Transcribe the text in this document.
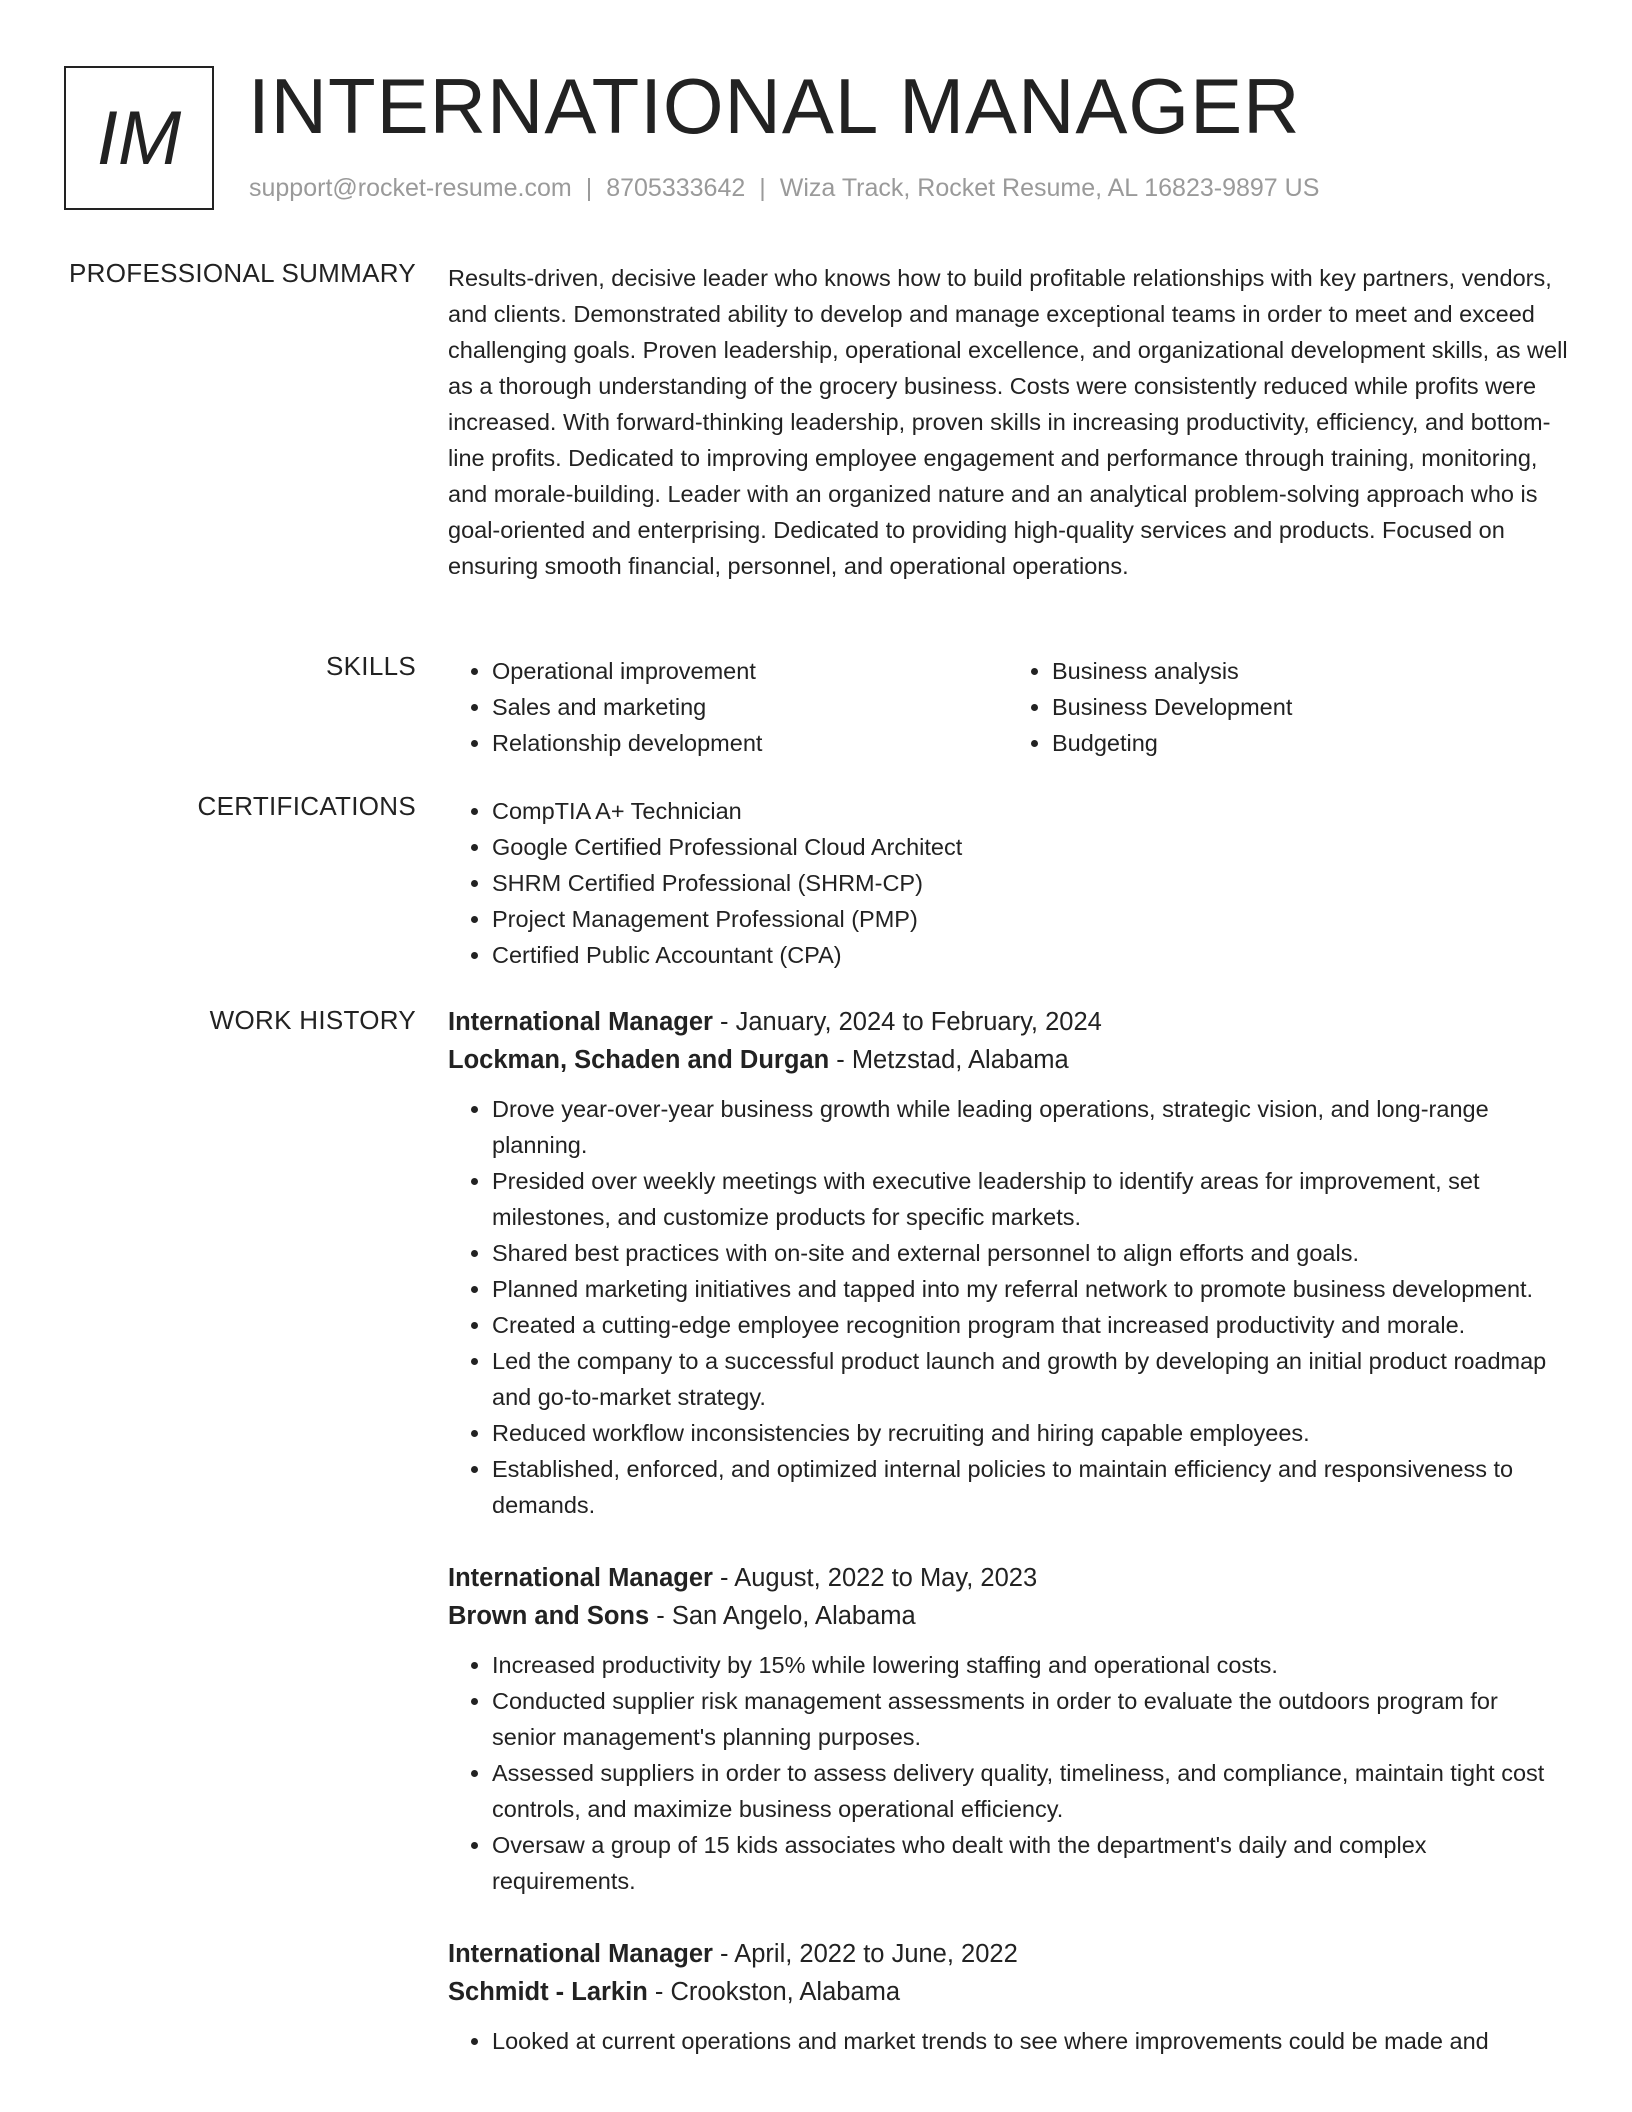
IM INTERNATIONAL MANAGER
support@rocket-resume.com | 8705333642 | Wiza Track, Rocket Resume, AL 16823-9897 US
PROFESSIONAL SUMMARY Results-driven, decisive leader who knows how to build profitable relationships with key partners, vendors, and clients. Demonstrated ability to develop and manage exceptional teams in order to meet and exceed challenging goals. Proven leadership, operational excellence, and organizational development skills, as well as a thorough understanding of the grocery business. Costs were consistently reduced while profits were increased. With forward-thinking leadership, proven skills in increasing productivity, efficiency, and bottom-line profits. Dedicated to improving employee engagement and performance through training, monitoring, and morale-building. Leader with an organized nature and an analytical problem-solving approach who is goal-oriented and enterprising. Dedicated to providing high-quality services and products. Focused on ensuring smooth financial, personnel, and operational operations.
SKILLS	• Operational improvement
• Sales and marketing
• Relationship development
• Business analysis
• Business Development
• Budgeting
CERTIFICATIONS	• CompTIA A+ Technician
• Google Certified Professional Cloud Architect
• SHRM Certified Professional (SHRM-CP)
• Project Management Professional (PMP)
• Certified Public Accountant (CPA)
WORK HISTORY International Manager - January, 2024 to February, 2024
Lockman, Schaden and Durgan - Metzstad, Alabama
• Drove year-over-year business growth while leading operations, strategic vision, and long-range planning.
• Presided over weekly meetings with executive leadership to identify areas for improvement, set milestones, and customize products for specific markets.
• Shared best practices with on-site and external personnel to align efforts and goals.
• Planned marketing initiatives and tapped into my referral network to promote business development.
• Created a cutting-edge employee recognition program that increased productivity and morale.
• Led the company to a successful product launch and growth by developing an initial product roadmap and go-to-market strategy.
• Reduced workflow inconsistencies by recruiting and hiring capable employees.
• Established, enforced, and optimized internal policies to maintain efficiency and responsiveness to demands.
International Manager - August, 2022 to May, 2023
Brown and Sons - San Angelo, Alabama
• Increased productivity by 15% while lowering staffing and operational costs.
• Conducted supplier risk management assessments in order to evaluate the outdoors program for senior management's planning purposes.
• Assessed suppliers in order to assess delivery quality, timeliness, and compliance, maintain tight cost controls, and maximize business operational efficiency.
• Oversaw a group of 15 kids associates who dealt with the department's daily and complex requirements.
International Manager - April, 2022 to June, 2022
Schmidt - Larkin - Crookston, Alabama
• Looked at current operations and market trends to see where improvements could be made and
